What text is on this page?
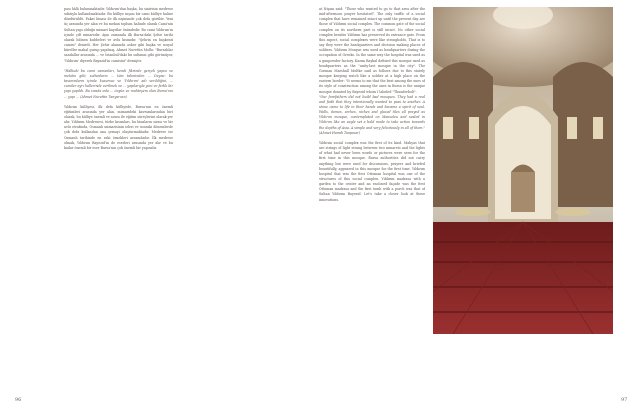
pası hâlâ bulunmaktadır. Yıldırım'dan başka, bu sinirinin medrese sıfatıyla kullanılmaktadır. Bu külliye inşası bir cami külliye haline döndürüldü. Fakat binası ile ilk nişinimde çok defa görülür. Yeni üç arasında yer alan ve bu mekan toplum halinde olarak Cami'nin Sultan yapı olduğu mimari kayıtlar önündedir. Bu cami Yıldırım'ın içinde çift minaredir. Aynı zamanda ilk Bursa'daki Şehir tarihi olarak bilinen kubbeleri ve avlu kısmıdır. "Şehrin en başkenti camisi" denirdi. Her Şehir alanında asker gibi başka ve sosyal küreller mahal gurup yapılmış, Ahmet Nurettin Molla: "Bursalılar sandallar arasında ... ve İstanbul'daki bu sultanın gibi görünüyor, 'Yıldırım' diyerek Bayazid'in camisini" demiştir.

"Halbuki bu cami zamanları, kendi fikrinde gerçek yapısı ve mekânı gibi, sultanların ... tüm tahminden ... Deyne: bu tasarımların içinde kusursuz ve 'Yıldırım' adı verildiğini, ... camiler ayrı hallerinde verilmek ve ... yapılarıyla yeni ve farklı bir yapı yapıldı. Bu sırada eski ... özgün ve muhteşem olan Bursa'nın ... yapı ... (Ahmet Nurettin Tanyarcan)

Yıldırım külliyesi, ilk defa külliyede, Bursa'nın en önemli eğitimleri arasında yer alan, mimarideki kavramlarından biri olarak, bu külliye önemli ve sırası ile eğitim süreçlerini olarak yer alır. Yıldırım Medresesi, türbe kısımları, bu binaların sırası ve bir avlu etrafında, Osmanlı mimarisinin izleri ve sonraki dönemlerde çok defa kullanılan ana şemayı oluşturmaktadır. Medrese ise Osmanlı tarihinde en eski örnekleri arasındadır. İlk medrese olmak, Yıldırım Bayezid'in de eserleri arasında yer alır ve bu kadar önemli bir eser Bursa'nın çok önemli bir yapısıdır.

96

at Nişanı said: "Those who wanted to go to that area after the mid-afternoon prayer hesitated". The only traffic of a social complex that have remained intact up until the present day are those of Yıldırım social complex. The common gate of the social complex on its northern part is still intact. No other social complex besides Yıldırım has preserved its entrance gate. From this aspect, social complexes were like strongholds. That is to say they were the headquarters and decision making places of soldiers. Yıldırım Mosque was used as headquarters during the occupation of Greeks. In the same way the hospital was used as a gunpowder factory. Kazım Baykal defined this mosque used as headquarters as the "unity-last mosque in the city". The Gorman Marshall Moltke said as follows due to this stately mosque keeping watch like a soldier at a high place on the eastern border: "It seems to me that the best among the ones of its style of construction among the ones in Bursa is the unique mosque donated by Bayezid whom I labeled "Thunderbolt".

"Our forefathers did not build bad mosques. They had a real and faith that they intentionally wanted to pass to another. A stone came to life in their hands and became a spirit of soul. Walls, domes, arches, niches and glazed tiles all prayed as Yıldırım mosque, contemplated on Mausoleu and sealed in Yıldırım like an eagle set a bold mode to take action towards the depths of Asia. A simple and very felicitously in all of them." (Ahmet Hamdi Tanpınar)

Yıldırım social complex was the first of its kind. Mahyas that are strings of light strung between two minarets and the lights of what had never been words or pictures were seen for the first time in this mosque. Bursa authorities did not carry anything but were used for discussions, prayers and briefed beautifully, appeared in this mosque for the first time. Yıldırım hospital that was the first Ottoman hospital was one of the structures of this social complex. Yıldırım madrasa with a garden to the center and an enclosed façade was the first Ottoman madrasa and the first tomb with a porch was that of Sultan Yıldırım Bayezid. Let's take a closer look at these innovations.

97
